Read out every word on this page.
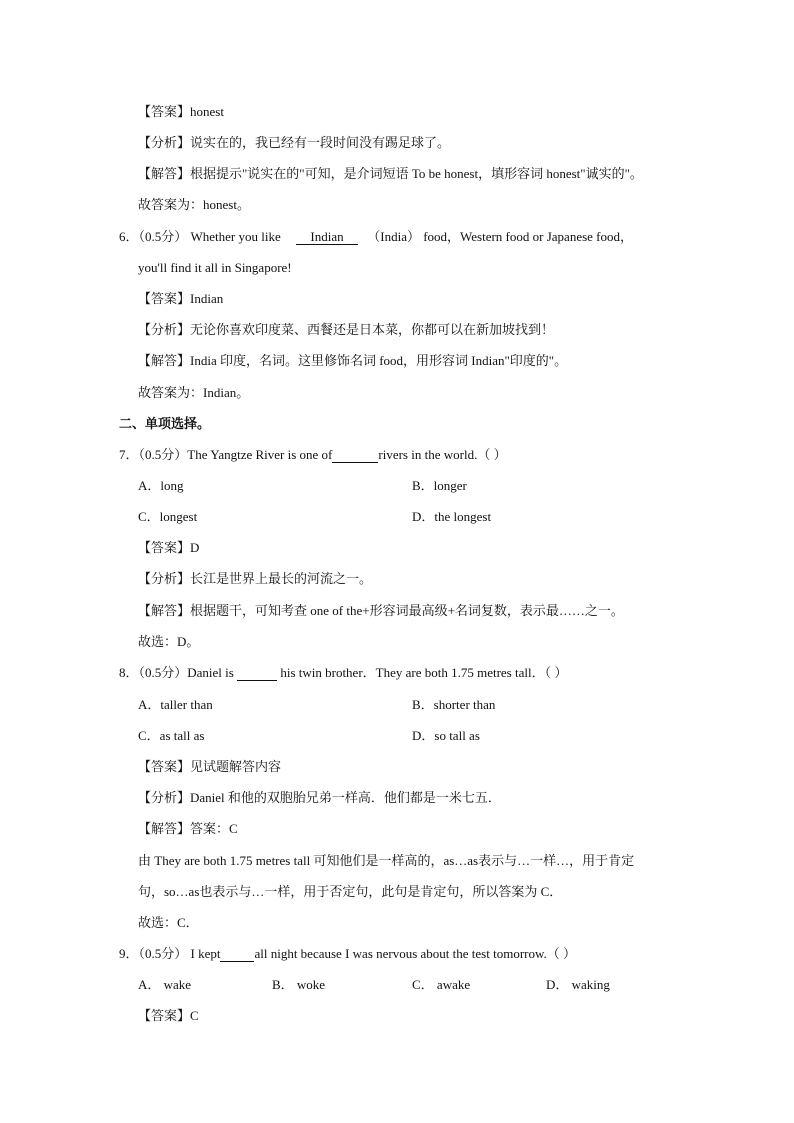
【答案】honest
【分析】说实在的，我已经有一段时间没有踢足球了。
【解答】根据提示"说实在的"可知，是介词短语 To be honest，填形容词 honest"诚实的"。
故答案为：honest。
6．（0.5分） Whether you like Indian （India） food，Western food or Japanese food，
you'll find it all in Singapore!
【答案】Indian
【分析】无论你喜欢印度菜、西餐还是日本菜，你都可以在新加坡找到！
【解答】India 印度，名词。这里修饰名词 food，用形容词 Indian"印度的"。
故答案为：Indian。
二、单项选择。
7．（0.5分）The Yangtze River is one of	rivers in the world.（ ）
A．long	B．longer
C．longest	D．the longest
【答案】D
【分析】长江是世界上最长的河流之一。
【解答】根据题干，可知考查 one of the+形容词最高级+名词复数，表示最……之一。
故选：D。
8．（0.5分）Daniel is	his twin brother．They are both 1.75 metres tall．（ ）
A．taller than	B．shorter than
C．as tall as	D．so tall as
【答案】见试题解答内容
【分析】Daniel 和他的双胞胎兄弟一样高．他们都是一米七五．
【解答】答案：C
由 They are both 1.75 metres tall 可知他们是一样高的，as…as表示与…一样…，用于肯定
句，so…as也表示与…一样，用于否定句，此句是肯定句，所以答案为 C．
故选：C．
9．（0.5分） I kept	all night because I was nervous about the test tomorrow.（ ）
A． wake	B． woke	C． awake	D． waking
【答案】C
